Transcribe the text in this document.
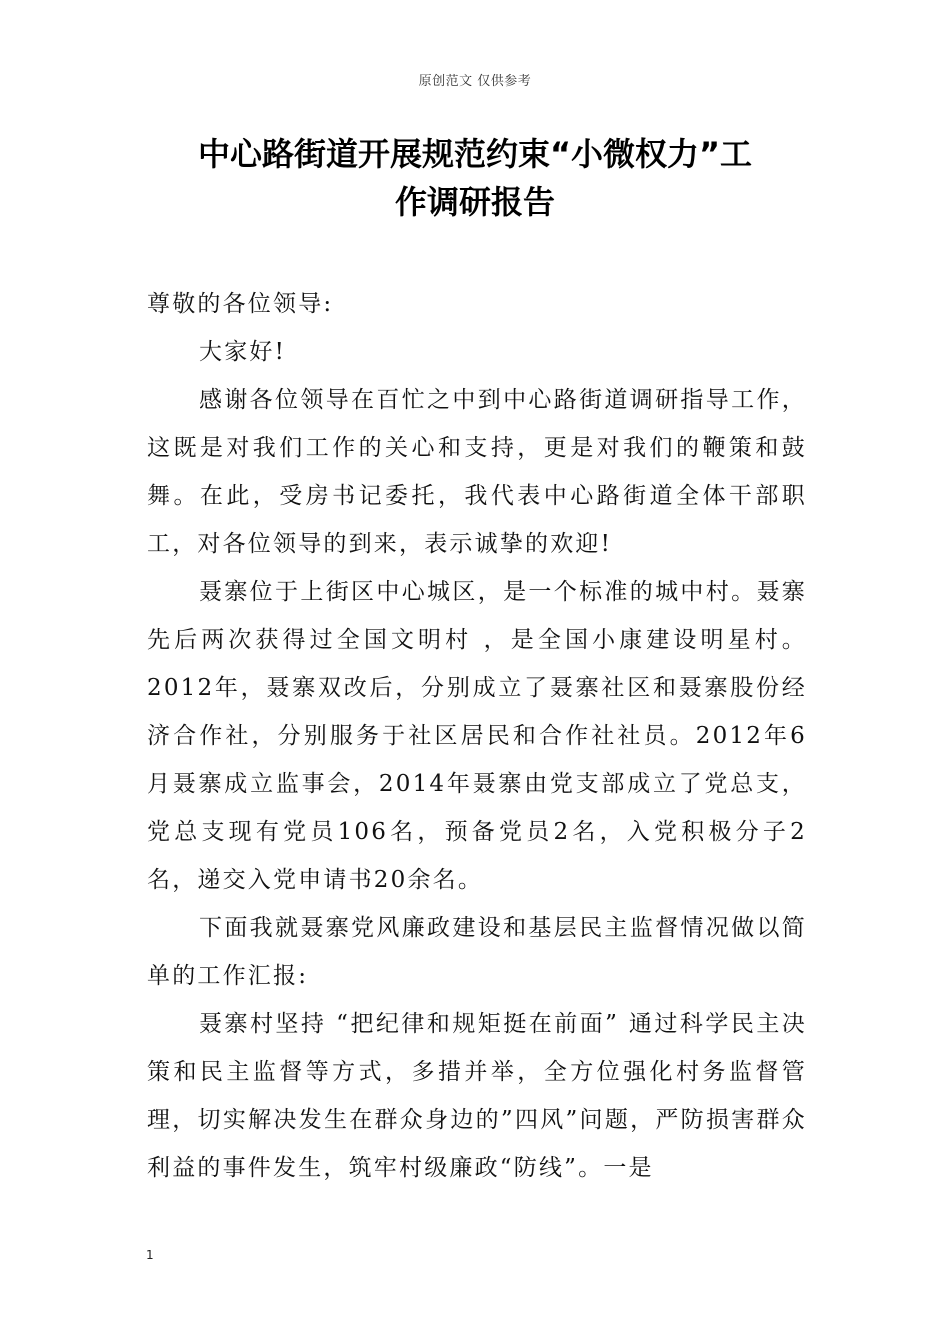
原创范文 仅供参考
中心路街道开展规范约束“小微权力”工
作调研报告

尊敬的各位领导:

大家好!

感谢各位领导在百忙之中到中心路街道调研指导工作，这既是对我们工作的关心和支持，更是对我们的鞭策和鼓舞。在此，受房书记委托，我代表中心路街道全体干部职工，对各位领导的到来，表示诚挚的欢迎!

聂寨位于上街区中心城区，是一个标准的城中村。聂寨先后两次获得过全国文明村 ，是全国小康建设明星村。2012年，聂寨双改后，分别成立了聂寨社区和聂寨股份经济合作社，分别服务于社区居民和合作社社员。2012年6月聂寨成立监事会，2014年聂寨由党支部成立了党总支，党总支现有党员106名，预备党员2名，入党积极分子2名，递交入党申请书20余名。

下面我就聂寨党风廉政建设和基层民主监督情况做以简单的工作汇报:

聂寨村坚持 “把纪律和规矩挺在前面” 通过科学民主决策和民主监督等方式，多措并举，全方位强化村务监督管理，切实解决发生在群众身边的”四风”问题，严防损害群众利益的事件发生，筑牢村级廉政“防线”。一是

1
